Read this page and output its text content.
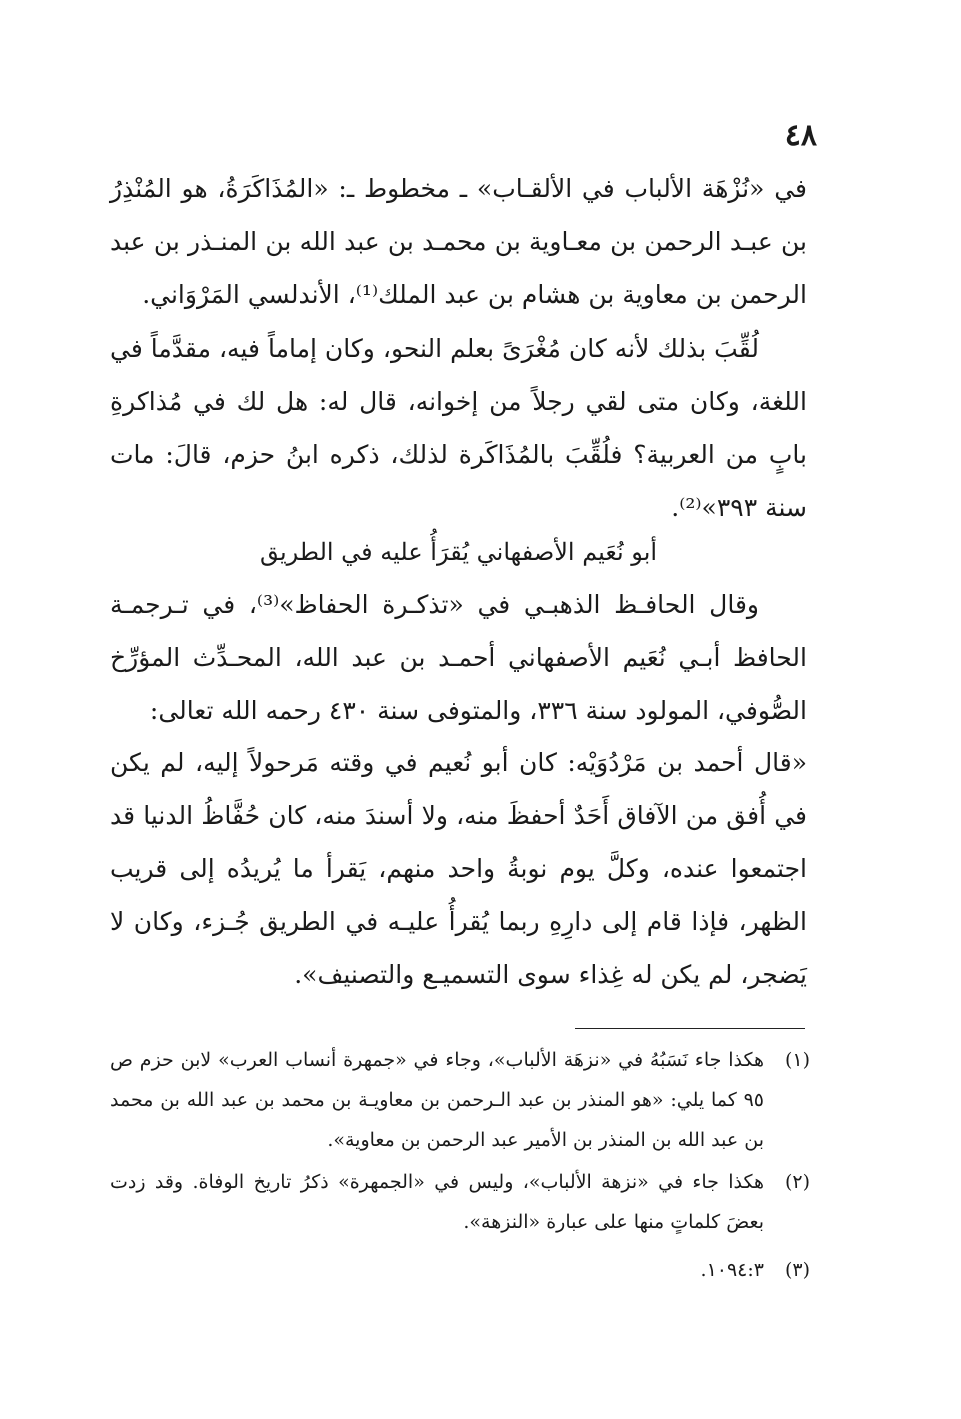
٤٨
في «نُزْهَة الألباب في الألقـاب» ـ مخطوط ـ: «المُذَاكَرَةُ، هو المُنْذِرُ بن عبـد الرحمن بن معـاوية بن محمـد بن عبد الله بن المنـذر بن عبد الرحمن بن معاوية بن هشام بن عبد الملك⁽¹⁾، الأندلسي المَرْوَاني.
لُقِّبَ بذلك لأنه كان مُغْرَىً بعلم النحو، وكان إماماً فيه، مقدَّماً في اللغة، وكان متى لقي رجلاً من إخوانه، قال له: هل لك في مُذاكرةِ بابٍ من العربية؟ فلُقِّبَ بالمُذَاكَرة لذلك، ذكره ابنُ حزم، قالَ: مات سنة ٣٩٣»⁽²⁾.
أبو نُعَيم الأصفهاني يُقرَأُ عليه في الطريق
وقال الحافـظ الذهبـي في «تذكـرة الحفاظ»⁽³⁾، في تـرجمـة الحافظ أبـي نُعَيم الأصفهاني أحمـد بن عبد الله، المحـدِّث المؤرِّخ الصُّوفي، المولود سنة ٣٣٦، والمتوفى سنة ٤٣٠ رحمه الله تعالى:
«قال أحمد بن مَرْدُوَيْه: كان أبو نُعيم في وقته مَرحولاً إليه، لم يكن في أُفق من الآفاق أَحَدٌ أحفظَ منه، ولا أسندَ منه، كان حُفَّاظُ الدنيا قد اجتمعوا عنده، وكلَّ يوم نوبةُ واحد منهم، يَقرأ ما يُريدُه إلى قريب الظهر، فإذا قام إلى دارِهِ ربما يُقرأُ عليـه في الطريق جُـزء، وكان لا يَضجر، لم يكن له غِذاء سوى التسميـع والتصنيف».
(١)
هكذا جاء نَسَبُهُ في «نزهَة الألباب»، وجاء في «جمهرة أنساب العرب» لابن حزم ص ٩٥ كما يلي: «هو المنذر بن عبد الـرحمن بن معاويـة بن محمد بن عبد الله بن محمد بن عبد الله بن المنذر بن الأمير عبد الرحمن بن معاوية».
(٢)
هكذا جاء في «نزهة الألباب»، وليس في «الجمهرة» ذكرُ تاريخ الوفاة. وقد زدت بعضَ كلماتٍ منها على عبارة «النزهة».
(٣)
١٠٩٤:٣.
